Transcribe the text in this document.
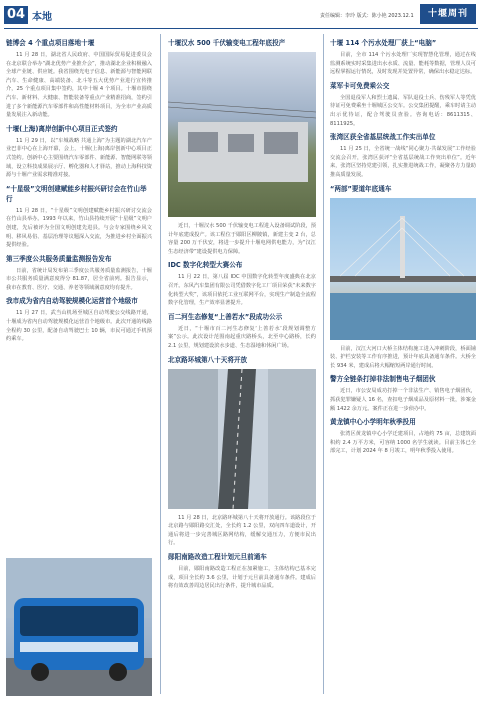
04 本地	责任编辑：李玲 版式：陈小艳 2023.12.1	十堰周刊
链博会 4 个重点项目落地十堰

11 月 28 日，湖北省人民政府、中国国际贸易促进委员会在北京联合举办“湖北优势产业推介会”，推动湖北企业积极融入全球产业链、供应链。我省围绕光电子信息、新能源与智能网联汽车、生命健康、高端装备、北斗等五大优势产业进行宣传推介，25 个重点项目集中签约，其中十堰 4 个项目。十堰市围绕汽车、新材料、大健康、智能装备等重点产业精准招商，签约引进了多个新能源汽车零部件和高性能材料项目，为全市产业高质量发展注入新动能。

十堰(上海)离岸创新中心项目正式签约

11 月 29 日，以“车城战略 共通上海”为主题的湖北汽车产业巴菲中心在上海开幕，会上，十堰(上海)离岸创新中心项目正式签约。创新中心主要围绕汽车零部件、新能源、智能网联等领域，设立科技成果展示厅、孵化器和人才驿站，推动上海科技资源与十堰产业需求精准对接。

“十星级”文明创建赋能乡村振兴研讨会在竹山举行

11 月 28 日，“十星级”文明创建赋能乡村振兴研讨交流会在竹山县举办。1993 年以来，竹山县持续开展“十星级”文明户创建，先后被评为全国文明创建先进县。与会专家围绕乡风文明、移风易俗、基层治理等议题深入交流，为推进乡村全面振兴提供经验。

第三季度公共服务质量监测报告发布

日前，省统计局发布第三季度公共服务质量监测报告，十堰市公共服务质量满意度得分 81.87，居全省前列。报告显示，我市在教育、医疗、交通、养老等领域满意度均有提升。

我市成为省内自动驾驶规模化运营首个地级市

11 月 27 日，武当山机场至城区自动驾驶公交线路开通，十堰成为省内自动驾驶规模化运营首个地级市。此次开通的线路全程约 30 公里，配备自动驾驶巴士 10 辆，市民可通过手机预约乘车。

十堰汉水 500 千伏输变电工程年底投产

近日，十堰汉水 500 千伏输变电工程进入设备调试阶段，预计年底建成投产。该工程位于郧阳区柳陂镇，新建主变 2 台，总容量 200 万千伏安，将进一步提升十堰电网供电能力，为“汉江生态经济带”建设提供电力保障。

IDC 数字化转型大赛公布

11 月 22 日，第八届 IDC 中国数字化转型年度盛典在北京召开。东风汽车集团有限公司凭借数字化工厂项目荣获“未来数字化转型大奖”，该项目依托工业互联网平台，实现生产制造全流程数字化管理，生产效率显著提升。

百二河生态修复“上善若水”段成功公示

近日，“十堰市百二河生态修复‘上善若水’段规划调整方案”公示。此次设计范围南起重庆路桥头，北至中心路桥，长约 2.1 公里，规划建设滨水步道、生态湿地和休闲广场。

北京路环城第八十天将开放

11 月 28 日，北京路环城第八十天将开放通行。该路段位于北京路与郧阳路交汇处，全长约 1.2 公里，双向四车道设计，开通后将进一步完善城区路网结构，缓解交通压力，方便市民出行。

郧阳南路改造工程计划元旦前通车

目前，郧阳南路改造工程正在加紧施工，主体结构已基本完成，项目全长约 3.6 公里，计划于元旦前具备通车条件。建成后将有效改善周边居民出行条件，提升城市品质。

十堰 114 个污水处理厂获上“电脑”

目前，全市 114 个污水处理厂实现智慧化管理，通过在线监测系统实时采集进出水水质、流量、能耗等数据，管理人员可远程掌握运行情况，及时发现并处置异常，确保出水稳定达标。

菜军卡可免费乘公交

全国退役军人和烈士遗属、军队退役士兵、伤残军人等凭优待证可免费乘坐十堰城区公交车。公交集团提醒，乘车时请主动出示优待证，配合驾驶员查验。咨询电话：8611315、8111925。

张湾区获全省基层统战工作实出单位

11 月 25 日，全省统一战线“同心聚力·共谋发展”工作经验交流会召开，张湾区获评“全省基层统战工作突出单位”。近年来，张湾区坚持党建引领，扎实推进统战工作，凝聚各方力量助推高质量发展。

“两部”要道年底通车

目前，汉江大河口大桥主体结构施工进入冲刺阶段，桥面铺装、护栏安装等工作有序推进，预计年底具备通车条件。大桥全长 934 米，建成后将大幅缩短两岸通行时间。

警方全链条打掉非法制售电子烟团伙

近日，市公安局成功打掉一个非法生产、销售电子烟团伙，抓获犯罪嫌疑人 16 名，查扣电子烟成品及原材料一批，涉案金额 1422 余万元。案件正在进一步侦办中。

黄龙镇中心小学明年秋季投用

张湾区黄龙镇中心小学迁建项目，占地约 75 亩，总建筑面积约 2.4 万平方米，可容纳 1000 名学生就读。目前主体已全部完工，计划 2024 年 8 月竣工，明年秋季投入使用。
